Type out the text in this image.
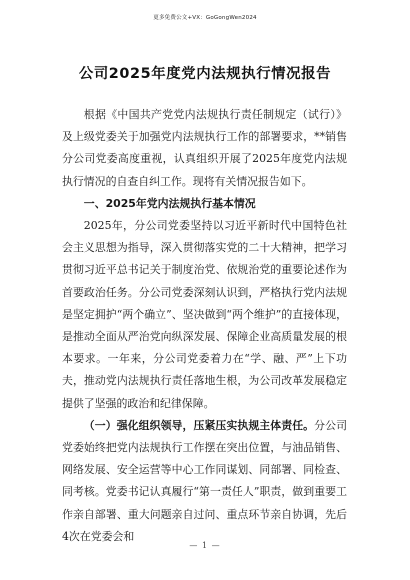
更多免费公文+VX：GoGongWen2024
公司2025年度党内法规执行情况报告

根据《中国共产党党内法规执行责任制规定（试行）》及上级党委关于加强党内法规执行工作的部署要求，**销售分公司党委高度重视，认真组织开展了2025年度党内法规执行情况的自查自纠工作。现将有关情况报告如下。

一、2025年党内法规执行基本情况

2025年，分公司党委坚持以习近平新时代中国特色社会主义思想为指导，深入贯彻落实党的二十大精神，把学习贯彻习近平总书记关于制度治党、依规治党的重要论述作为首要政治任务。分公司党委深刻认识到，严格执行党内法规是坚定拥护“两个确立”、坚决做到“两个维护”的直接体现，是推动全面从严治党向纵深发展、保障企业高质量发展的根本要求。一年来，分公司党委着力在“学、融、严”上下功夫，推动党内法规执行责任落地生根，为公司改革发展稳定提供了坚强的政治和纪律保障。

（一）强化组织领导，压紧压实执规主体责任。分公司党委始终把党内法规执行工作摆在突出位置，与油品销售、网络发展、安全运营等中心工作同谋划、同部署、同检查、同考核。党委书记认真履行“第一责任人”职责，做到重要工作亲自部署、重大问题亲自过问、重点环节亲自协调，先后4次在党委会和

— 1 —
